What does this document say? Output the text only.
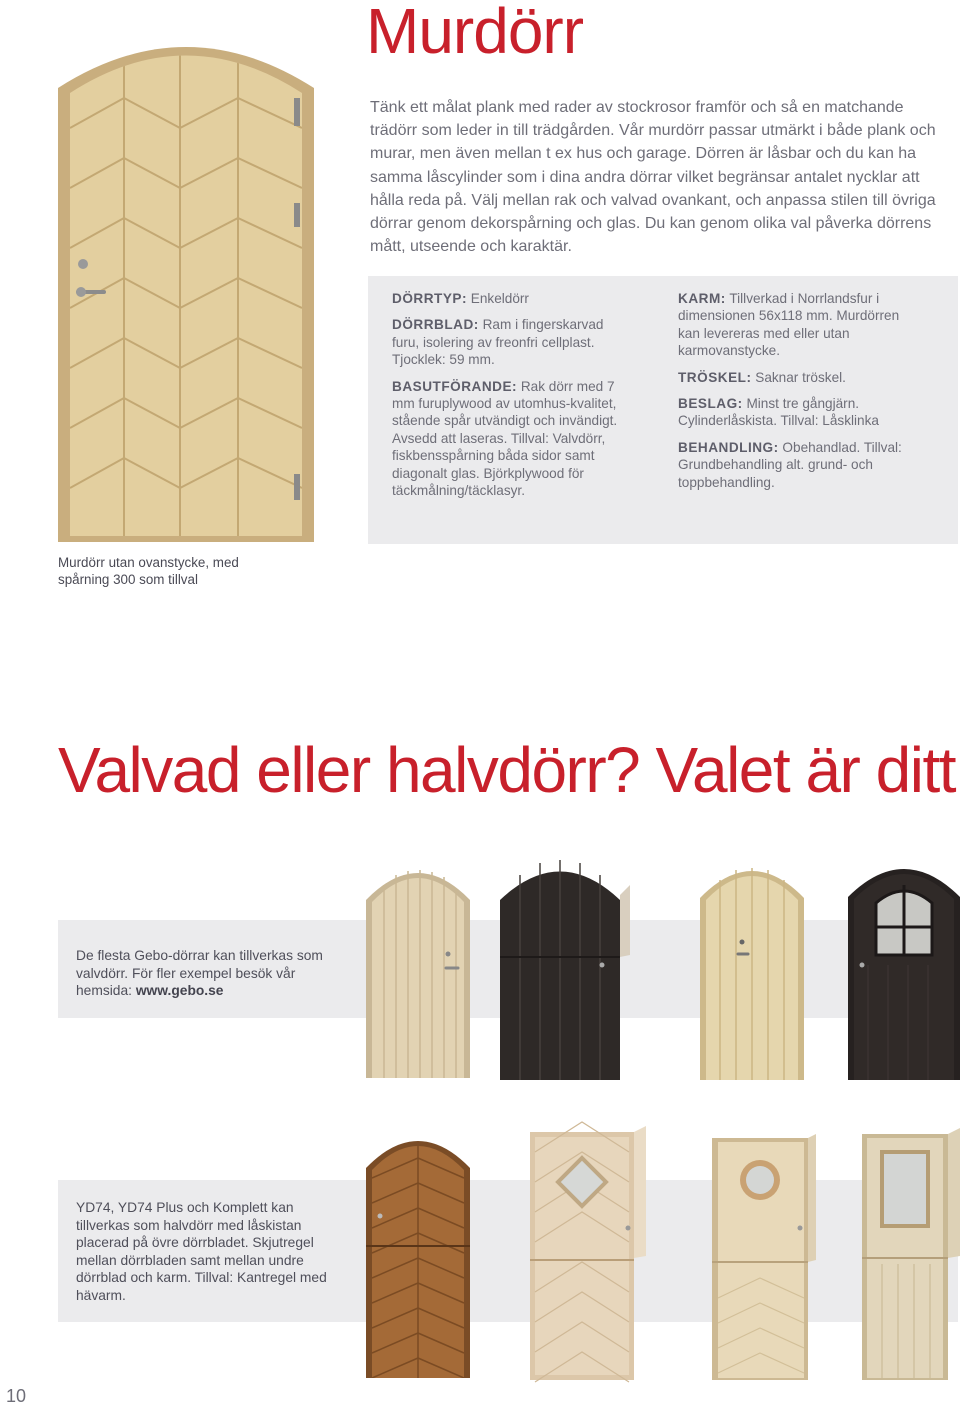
Murdörr

Tänk ett målat plank med rader av stockrosor framför och så en matchande trädörr som leder in till trädgården. Vår murdörr passar utmärkt i både plank och murar, men även mellan t ex hus och garage. Dörren är låsbar och du kan ha samma låscylinder som i dina andra dörrar vilket begränsar antalet nycklar att hålla reda på. Välj mellan rak och valvad ovankant, och anpassa stilen till övriga dörrar genom dekorspårning och glas. Du kan genom olika val påverka dörrens mått, utseende och karaktär.

DÖRRTYP: Enkeldörr

DÖRRBLAD: Ram i fingerskarvad furu, isolering av freonfri cellplast. Tjocklek: 59 mm.

BASUTFÖRANDE: Rak dörr med 7 mm furuplywood av utomhus-kvalitet, stående spår utvändigt och invändigt. Avsedd att laseras. Tillval: Valvdörr, fiskbensspårning båda sidor samt diagonalt glas. Björkplywood för täckmålning/täcklasyr.

KARM: Tillverkad i Norrlandsfur i dimensionen 56x118 mm. Murdörren kan levereras med eller utan karmovanstycke.

TRÖSKEL: Saknar tröskel.

BESLAG: Minst tre gångjärn. Cylinderlåskista. Tillval: Låsklinka

BEHANDLING: Obehandlad. Tillval: Grundbehandling alt. grund- och toppbehandling.

Murdörr utan ovanstycke, med spårning 300 som tillval

Valvad eller halvdörr? Valet är ditt

De flesta Gebo-dörrar kan tillverkas som valvdörr. För fler exempel besök vår hemsida: www.gebo.se

YD74, YD74 Plus och Komplett kan tillverkas som halvdörr med låskistan placerad på övre dörrbladet. Skjutregel mellan dörrbladen samt mellan undre dörrblad och karm. Tillval: Kantregel med hävarm.

10
